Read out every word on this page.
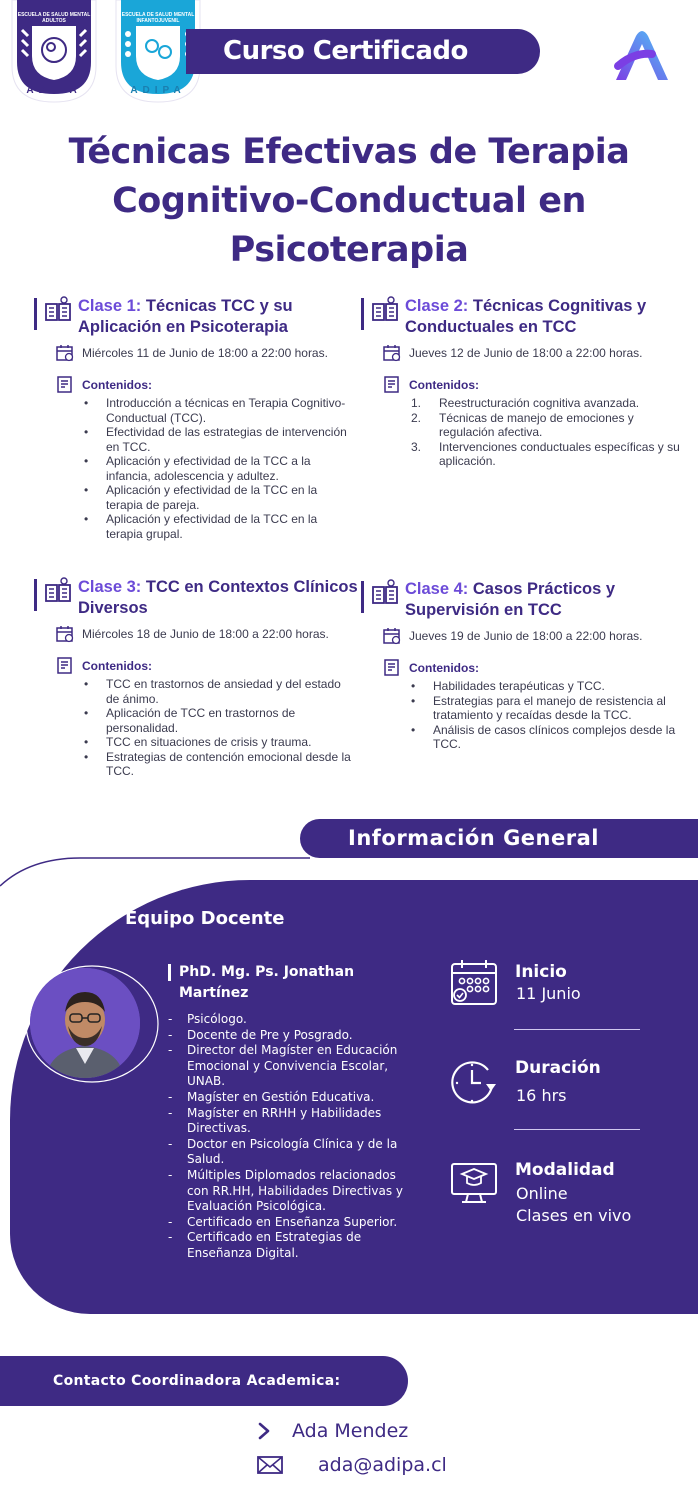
ESCUELA DE SALUD MENTAL ADULTOS
ADIPA
ESCUELA DE SALUD MENTAL INFANTOJUVENIL
ADIPA
Curso Certificado
Técnicas Efectivas de Terapia
Cognitivo-Conductual en
Psicoterapia
Clase 1: Técnicas TCC y su Aplicación en Psicoterapia
Miércoles 11 de Junio de 18:00 a 22:00 horas.
Contenidos:
• Introducción a técnicas en Terapia Cognitivo-Conductual (TCC).
• Efectividad de las estrategias de intervención en TCC.
• Aplicación y efectividad de la TCC a la infancia, adolescencia y adultez.
• Aplicación y efectividad de la TCC en la terapia de pareja.
• Aplicación y efectividad de la TCC en la terapia grupal.
Clase 2: Técnicas Cognitivas y Conductuales en TCC
Jueves 12 de Junio de 18:00 a 22:00 horas.
Contenidos:
1. Reestructuración cognitiva avanzada.
2. Técnicas de manejo de emociones y regulación afectiva.
3. Intervenciones conductuales específicas y su aplicación.
Clase 3: TCC en Contextos Clínicos Diversos
Miércoles 18 de Junio de 18:00 a 22:00 horas.
Contenidos:
• TCC en trastornos de ansiedad y del estado de ánimo.
• Aplicación de TCC en trastornos de personalidad.
• TCC en situaciones de crisis y trauma.
• Estrategias de contención emocional desde la TCC.
Clase 4: Casos Prácticos y Supervisión en TCC
Jueves 19 de Junio de 18:00 a 22:00 horas.
Contenidos:
• Habilidades terapéuticas y TCC.
• Estrategias para el manejo de resistencia al tratamiento y recaídas desde la TCC.
• Análisis de casos clínicos complejos desde la TCC.
Información General
Equipo Docente
PhD. Mg. Ps. Jonathan Martínez
- Psicólogo.
- Docente de Pre y Posgrado.
- Director del Magíster en Educación Emocional y Convivencia Escolar, UNAB.
- Magíster en Gestión Educativa.
- Magíster en RRHH y Habilidades Directivas.
- Doctor en Psicología Clínica y de la Salud.
- Múltiples Diplomados relacionados con RR.HH, Habilidades Directivas y Evaluación Psicológica.
- Certificado en Enseñanza Superior.
- Certificado en Estrategias de Enseñanza Digital.
Inicio
11 Junio
Duración
16 hrs
Modalidad
Online
Clases en vivo
Contacto Coordinadora Academica:
Ada Mendez
ada@adipa.cl
